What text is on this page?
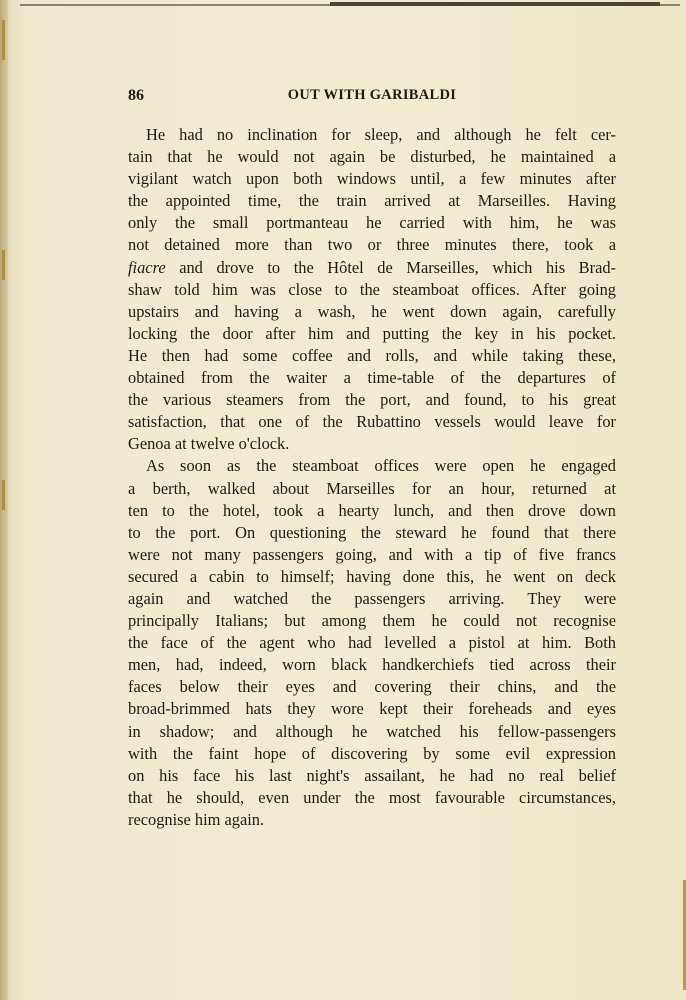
86	OUT WITH GARIBALDI
He had no inclination for sleep, and although he felt cer-
tain that he would not again be disturbed, he maintained a
vigilant watch upon both windows until, a few minutes after
the appointed time, the train arrived at Marseilles. Having
only the small portmanteau he carried with him, he was
not detained more than two or three minutes there, took a
fiacre and drove to the Hôtel de Marseilles, which his Brad-
shaw told him was close to the steamboat offices. After going
upstairs and having a wash, he went down again, carefully
locking the door after him and putting the key in his pocket.
He then had some coffee and rolls, and while taking these,
obtained from the waiter a time-table of the departures of
the various steamers from the port, and found, to his great
satisfaction, that one of the Rubattino vessels would leave for
Genoa at twelve o'clock.
As soon as the steamboat offices were open he engaged
a berth, walked about Marseilles for an hour, returned at
ten to the hotel, took a hearty lunch, and then drove down
to the port. On questioning the steward he found that there
were not many passengers going, and with a tip of five francs
secured a cabin to himself; having done this, he went on deck
again and watched the passengers arriving. They were
principally Italians; but among them he could not recognise
the face of the agent who had levelled a pistol at him. Both
men, had, indeed, worn black handkerchiefs tied across their
faces below their eyes and covering their chins, and the
broad-brimmed hats they wore kept their foreheads and eyes
in shadow; and although he watched his fellow-passengers
with the faint hope of discovering by some evil expression
on his face his last night's assailant, he had no real belief
that he should, even under the most favourable circumstances,
recognise him again.
